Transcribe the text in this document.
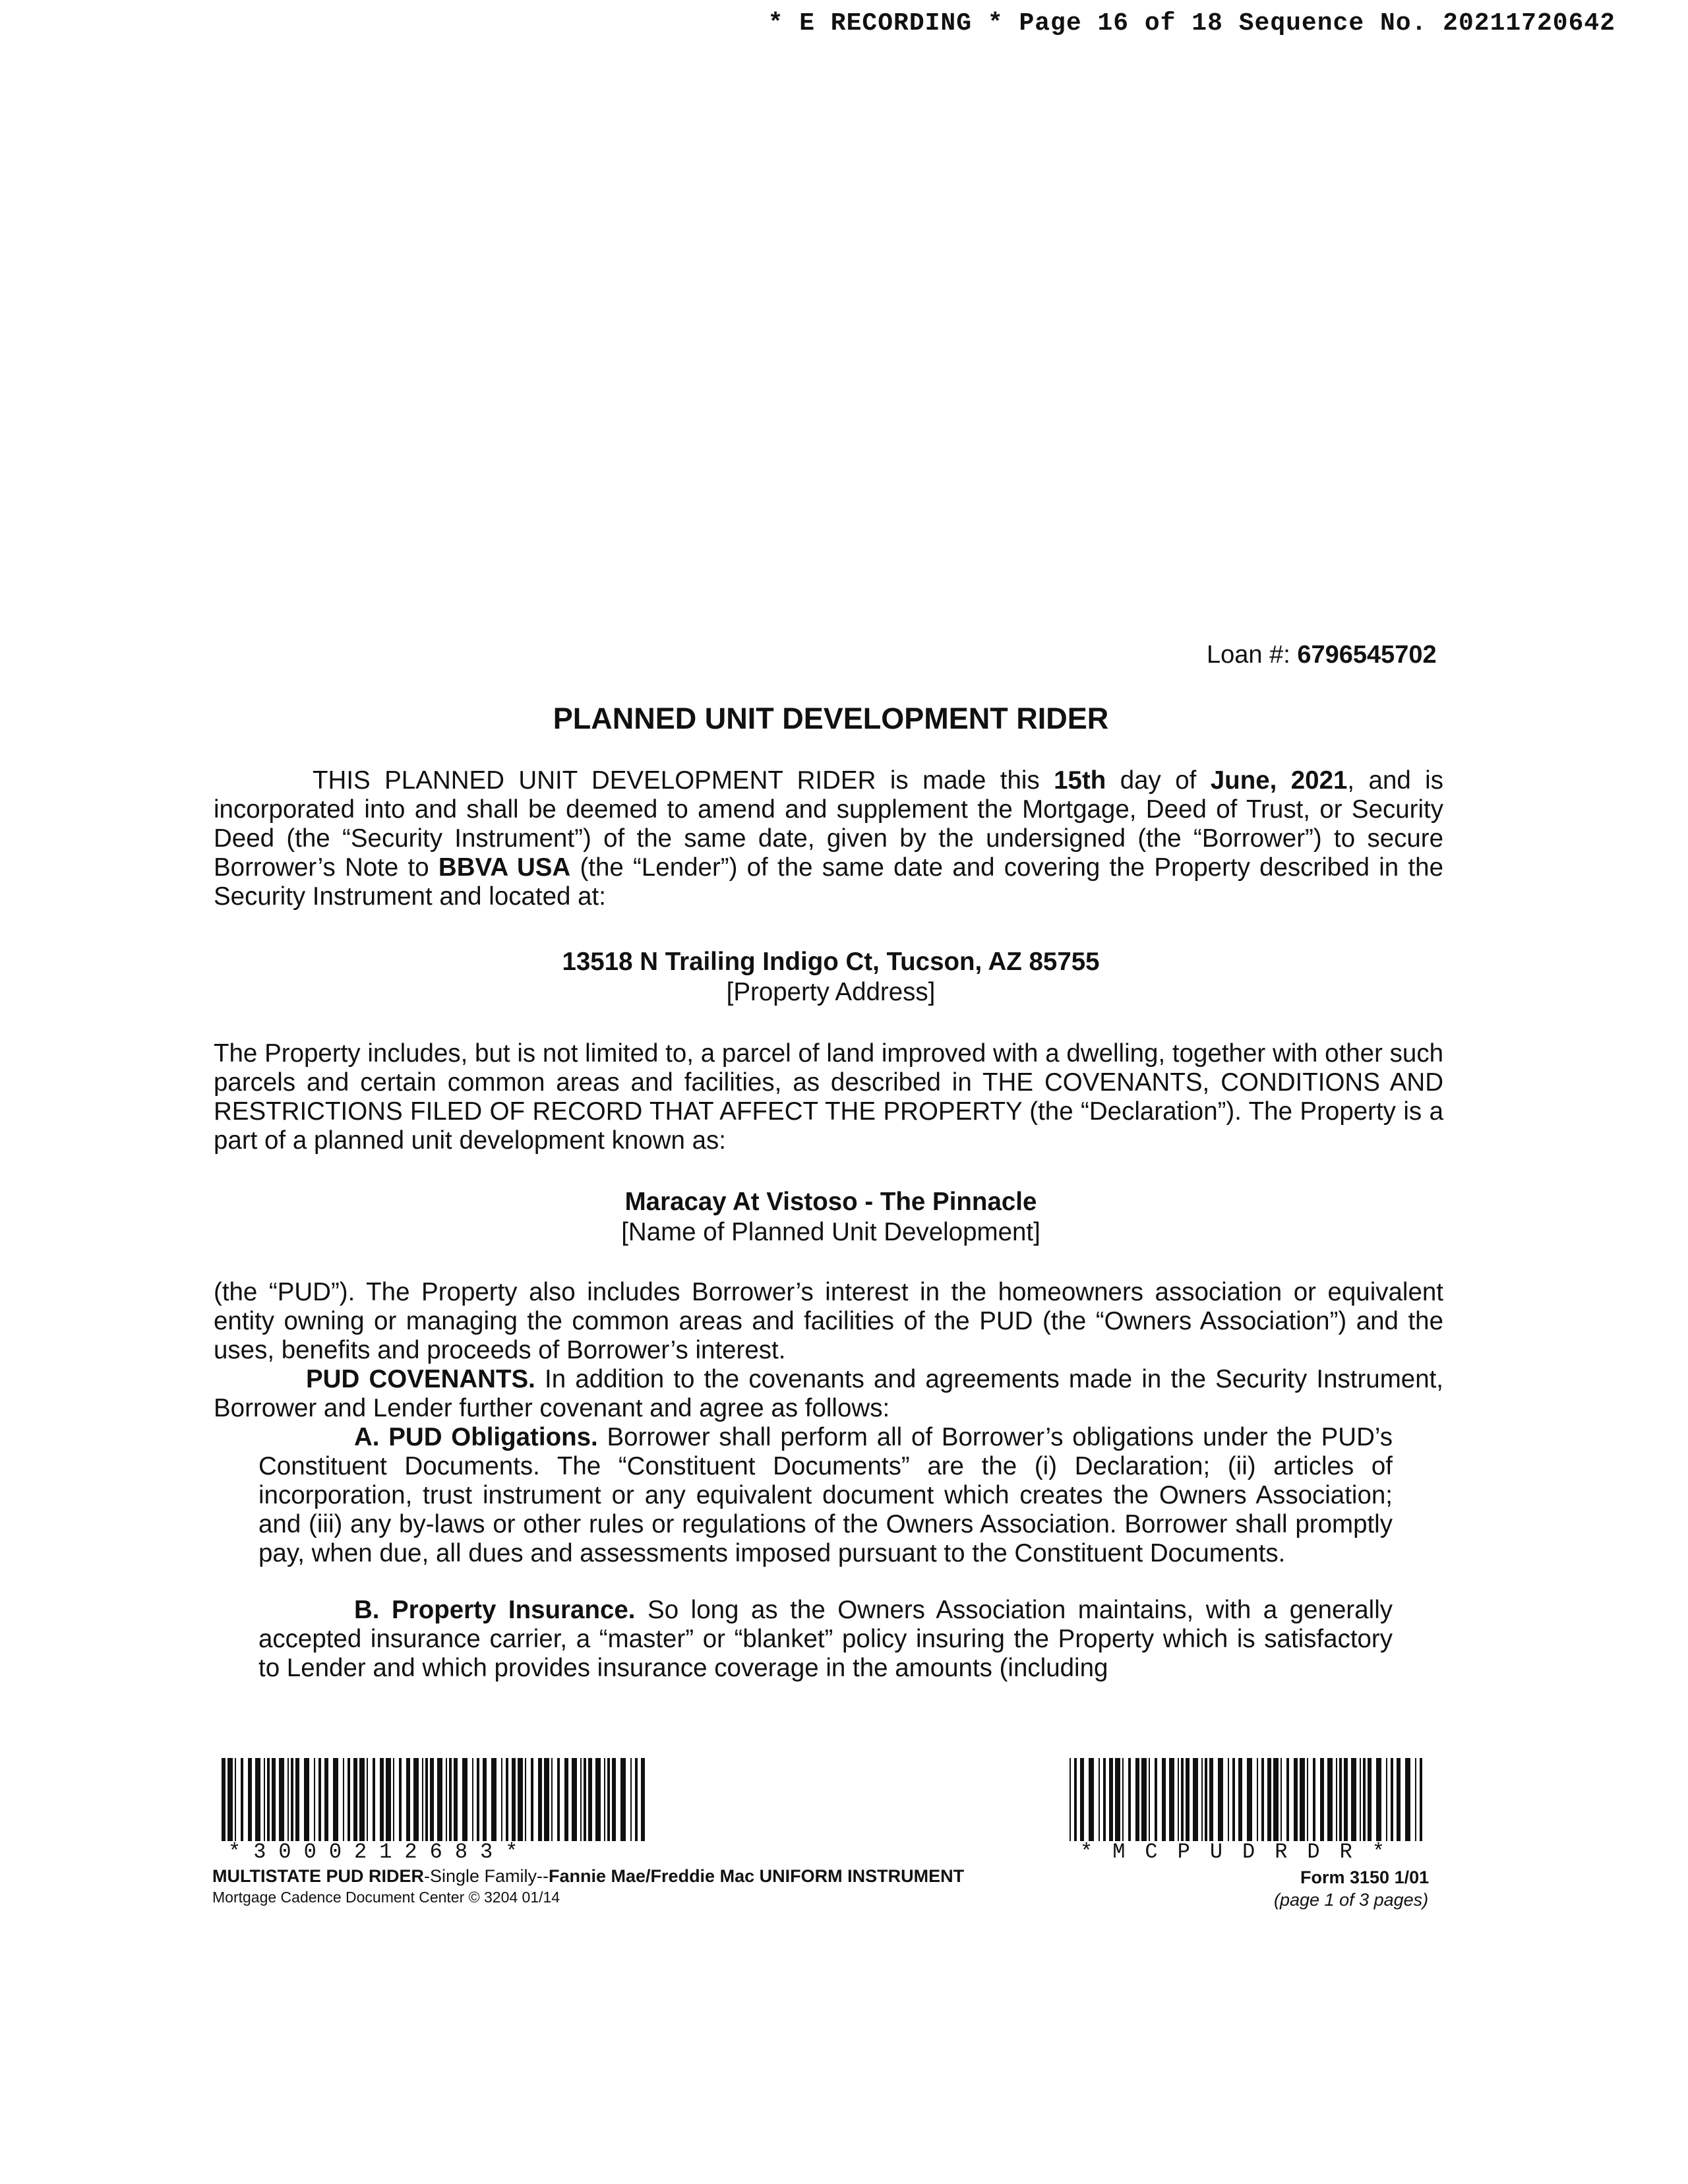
* E RECORDING * Page 16 of 18 Sequence No. 20211720642
Loan #: 6796545702
PLANNED UNIT DEVELOPMENT RIDER
THIS PLANNED UNIT DEVELOPMENT RIDER is made this 15th day of June, 2021, and is incorporated into and shall be deemed to amend and supplement the Mortgage, Deed of Trust, or Security Deed (the “Security Instrument”) of the same date, given by the undersigned (the “Borrower”) to secure Borrower’s Note to BBVA USA (the “Lender”) of the same date and covering the Property described in the Security Instrument and located at:
13518 N Trailing Indigo Ct, Tucson, AZ 85755
[Property Address]
The Property includes, but is not limited to, a parcel of land improved with a dwelling, together with other such parcels and certain common areas and facilities, as described in THE COVENANTS, CONDITIONS AND RESTRICTIONS FILED OF RECORD THAT AFFECT THE PROPERTY (the “Declaration”). The Property is a part of a planned unit development known as:
Maracay At Vistoso - The Pinnacle
[Name of Planned Unit Development]
(the “PUD”). The Property also includes Borrower’s interest in the homeowners association or equivalent entity owning or managing the common areas and facilities of the PUD (the “Owners Association”) and the uses, benefits and proceeds of Borrower’s interest.
PUD COVENANTS. In addition to the covenants and agreements made in the Security Instrument, Borrower and Lender further covenant and agree as follows:
A. PUD Obligations. Borrower shall perform all of Borrower’s obligations under the PUD’s Constituent Documents. The “Constituent Documents” are the (i) Declaration; (ii) articles of incorporation, trust instrument or any equivalent document which creates the Owners Association; and (iii) any by-laws or other rules or regulations of the Owners Association. Borrower shall promptly pay, when due, all dues and assessments imposed pursuant to the Constituent Documents.
B. Property Insurance. So long as the Owners Association maintains, with a generally accepted insurance carrier, a “master” or “blanket” policy insuring the Property which is satisfactory to Lender and which provides insurance coverage in the amounts (including
*3000212683*	*MCPUDRDR*
MULTISTATE PUD RIDER-Single Family--Fannie Mae/Freddie Mac UNIFORM INSTRUMENT
Mortgage Cadence Document Center © 3204 01/14
Form 3150 1/01
(page 1 of 3 pages)
